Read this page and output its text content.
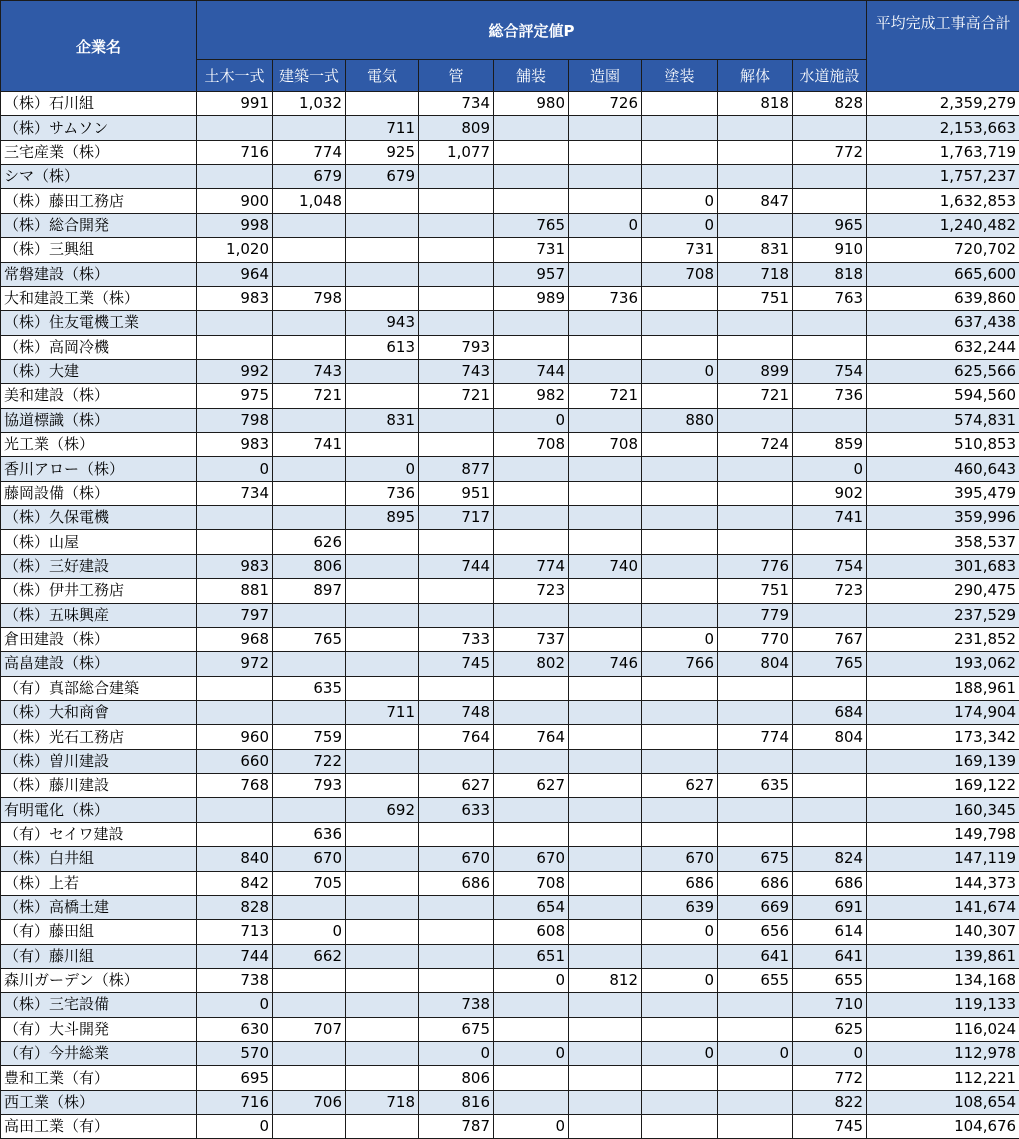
企業名	総合評定値P									平均完成工事高合計
	土木一式	建築一式	電気	管	舗装	造園	塗装	解体	水道施設	
（株）石川組	991	1,032		734	980	726		818	828	2,359,279
（株）サムソン			711	809						2,153,663
三宅産業（株）	716	774	925	1,077					772	1,763,719
シマ（株）		679	679							1,757,237
（株）藤田工務店	900	1,048					0	847		1,632,853
（株）総合開発	998				765	0	0		965	1,240,482
（株）三興組	1,020				731		731	831	910	720,702
常磐建設（株）	964				957		708	718	818	665,600
大和建設工業（株）	983	798			989	736		751	763	639,860
（株）住友電機工業			943							637,438
（株）高岡冷機			613	793						632,244
（株）大建	992	743		743	744		0	899	754	625,566
美和建設（株）	975	721		721	982	721		721	736	594,560
協道標識（株）	798		831		0		880			574,831
光工業（株）	983	741			708	708		724	859	510,853
香川アロー（株）	0		0	877					0	460,643
藤岡設備（株）	734		736	951					902	395,479
（株）久保電機			895	717					741	359,996
（株）山屋		626								358,537
（株）三好建設	983	806		744	774	740		776	754	301,683
（株）伊井工務店	881	897			723			751	723	290,475
（株）五味興産	797							779		237,529
倉田建設（株）	968	765		733	737		0	770	767	231,852
高畠建設（株）	972			745	802	746	766	804	765	193,062
（有）真部総合建築		635								188,961
（株）大和商會			711	748					684	174,904
（株）光石工務店	960	759		764	764			774	804	173,342
（株）曽川建設	660	722								169,139
（株）藤川建設	768	793		627	627		627	635		169,122
有明電化（株）			692	633						160,345
（有）セイワ建設		636								149,798
（株）白井組	840	670		670	670		670	675	824	147,119
（株）上若	842	705		686	708		686	686	686	144,373
（株）高橋土建	828				654		639	669	691	141,674
（有）藤田組	713	0			608		0	656	614	140,307
（有）藤川組	744	662			651			641	641	139,861
森川ガーデン（株）	738				0	812	0	655	655	134,168
（株）三宅設備	0			738					710	119,133
（有）大斗開発	630	707		675					625	116,024
（有）今井総業	570			0	0		0	0	0	112,978
豊和工業（有）	695			806					772	112,221
西工業（株）	716	706	718	816					822	108,654
高田工業（有）	0			787	0				745	104,676
